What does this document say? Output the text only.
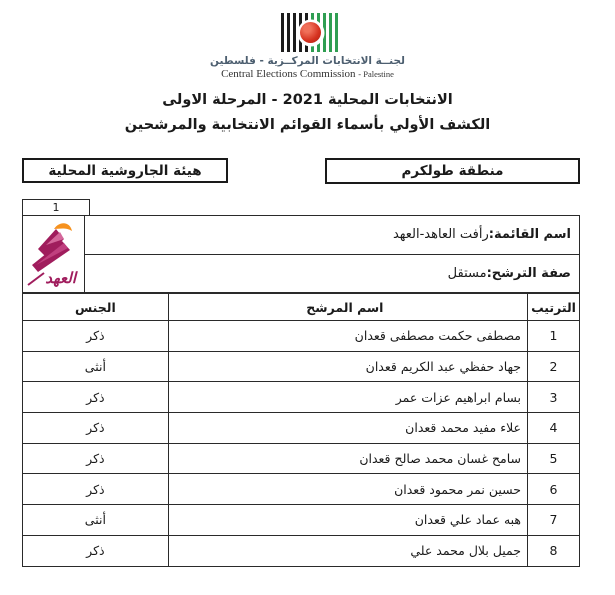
لجنــة الانتخابات المركــزية - فلسطين
Central Elections Commission - Palestine
الانتخابات المحلية 2021 - المرحلة الاولى
الكشف الأولي بأسماء القوائم الانتخابية والمرشحين
منطقة طولكرم
هيئة الجاروشية المحلية
1
العهد
اسم القائمة:
رأفت العاهد-العهد
صفة الترشح:
مستقل
الترتيب	اسم المرشح	الجنس
1	مصطفى حكمت مصطفى قعدان	ذكر
2	جهاد حفظي عبد الكريم قعدان	أنثى
3	بسام ابراهيم عزات عمر	ذكر
4	علاء مفيد محمد قعدان	ذكر
5	سامح غسان محمد صالح قعدان	ذكر
6	حسين نمر محمود قعدان	ذكر
7	هبه عماد علي قعدان	أنثى
8	جميل بلال محمد علي	ذكر
